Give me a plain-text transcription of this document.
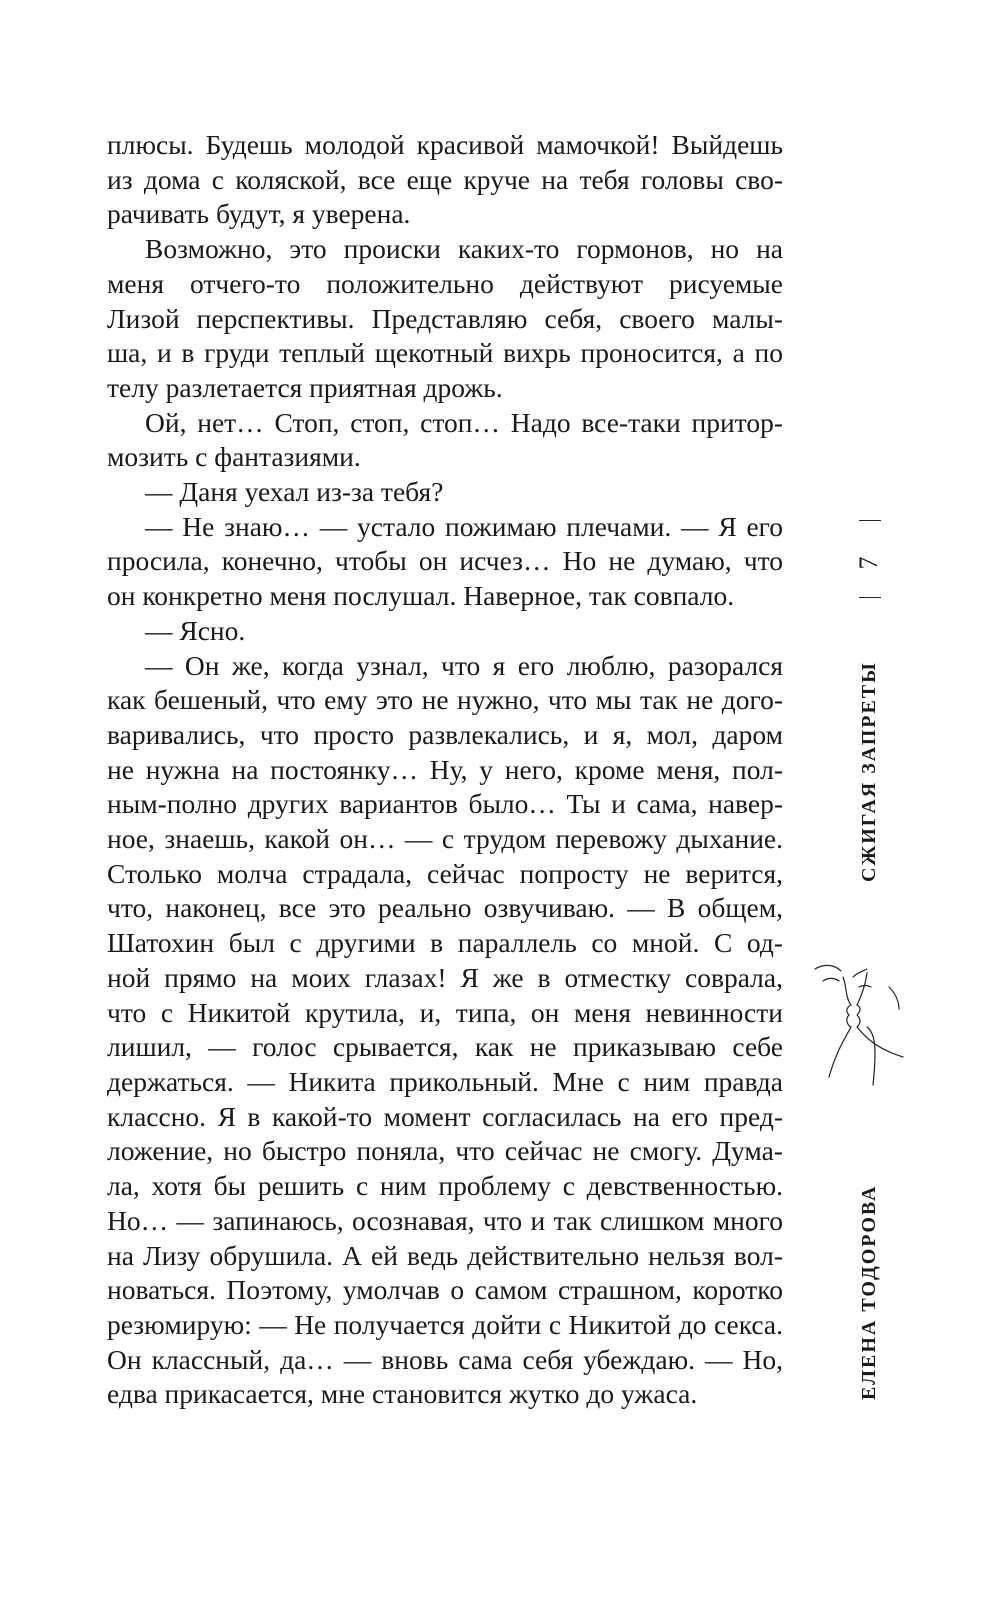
плюсы. Будешь молодой красивой мамочкой! Выйдешь
из дома с коляской, все еще круче на тебя головы сво-
рачивать будут, я уверена.
Возможно, это происки каких-то гормонов, но на
меня отчего-то положительно действуют рисуемые
Лизой перспективы. Представляю себя, своего малы-
ша, и в груди теплый щекотный вихрь проносится, а по
телу разлетается приятная дрожь.
Ой, нет… Стоп, стоп, стоп… Надо все-таки притор-
мозить с фантазиями.
— Даня уехал из-за тебя?
— Не знаю… — устало пожимаю плечами. — Я его
просила, конечно, чтобы он исчез… Но не думаю, что
он конкретно меня послушал. Наверное, так совпало.
— Ясно.
— Он же, когда узнал, что я его люблю, разорался
как бешеный, что ему это не нужно, что мы так не дого-
варивались, что просто развлекались, и я, мол, даром
не нужна на постоянку… Ну, у него, кроме меня, пол-
ным-полно других вариантов было… Ты и сама, навер-
ное, знаешь, какой он… — с трудом перевожу дыхание.
Столько молча страдала, сейчас попросту не верится,
что, наконец, все это реально озвучиваю. — В общем,
Шатохин был с другими в параллель со мной. С од-
ной прямо на моих глазах! Я же в отместку соврала,
что с Никитой крутила, и, типа, он меня невинности
лишил, — голос срывается, как не приказываю себе
держаться. — Никита прикольный. Мне с ним правда
классно. Я в какой-то момент согласилась на его пред-
ложение, но быстро поняла, что сейчас не смогу. Дума-
ла, хотя бы решить с ним проблему с девственностью.
Но… — запинаюсь, осознавая, что и так слишком много
на Лизу обрушила. А ей ведь действительно нельзя вол-
новаться. Поэтому, умолчав о самом страшном, коротко
резюмирую: — Не получается дойти с Никитой до секса.
Он классный, да… — вновь сама себя убеждаю. — Но,
едва прикасается, мне становится жутко до ужаса.
7
СЖИГАЯ ЗАПРЕТЫ
ЕЛЕНА ТОДОРОВА
